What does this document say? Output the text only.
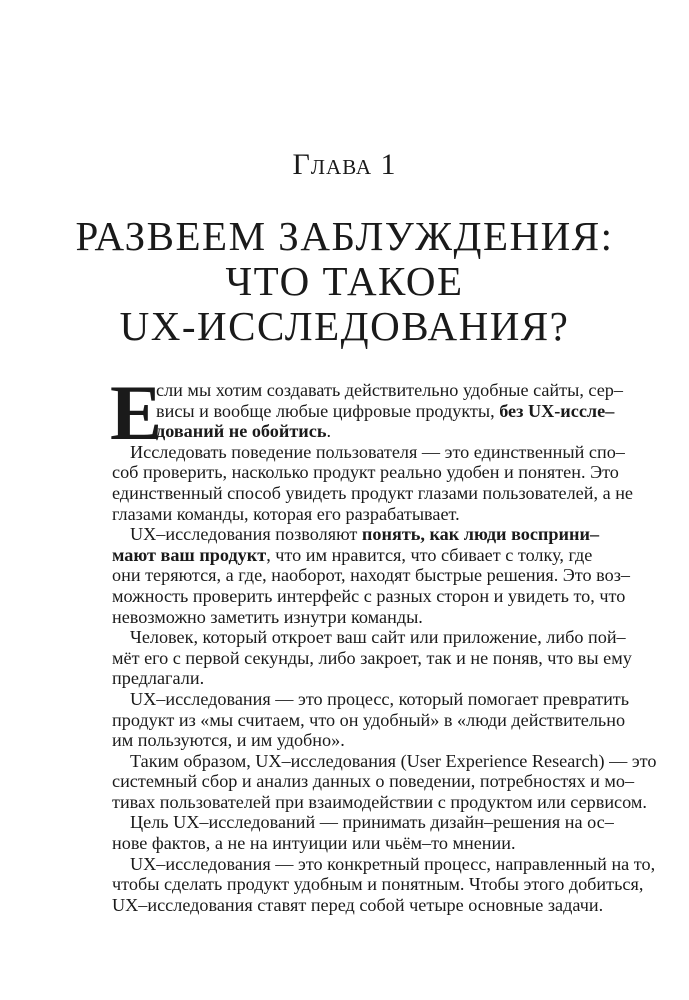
Глава 1
РАЗВЕЕМ ЗАБЛУЖДЕНИЯ:
ЧТО ТАКОЕ
UX-ИССЛЕДОВАНИЯ?
Е
сли мы хотим создавать действительно удобные сайты, сер–
висы и вообще любые цифровые продукты, без UX-иссле–
дований не обойтись.
Исследовать поведение пользователя — это единственный спо–
соб проверить, насколько продукт реально удобен и понятен. Это
единственный способ увидеть продукт глазами пользователей, а не
глазами команды, которая его разрабатывает.
UX–исследования позволяют понять, как люди восприни–
мают ваш продукт, что им нравится, что сбивает с толку, где
они теряются, а где, наоборот, находят быстрые решения. Это воз–
можность проверить интерфейс с разных сторон и увидеть то, что
невозможно заметить изнутри команды.
Человек, который откроет ваш сайт или приложение, либо пой–
мёт его с первой секунды, либо закроет, так и не поняв, что вы ему
предлагали.
UX–исследования — это процесс, который помогает превратить
продукт из «мы считаем, что он удобный» в «люди действительно
им пользуются, и им удобно».
Таким образом, UX–исследования (User Experience Research) — это
системный сбор и анализ данных о поведении, потребностях и мо–
тивах пользователей при взаимодействии с продуктом или сервисом.
Цель UX–исследований — принимать дизайн–решения на ос–
нове фактов, а не на интуиции или чьём–то мнении.
UX–исследования — это конкретный процесс, направленный на то,
чтобы сделать продукт удобным и понятным. Чтобы этого добиться,
UX–исследования ставят перед собой четыре основные задачи.
